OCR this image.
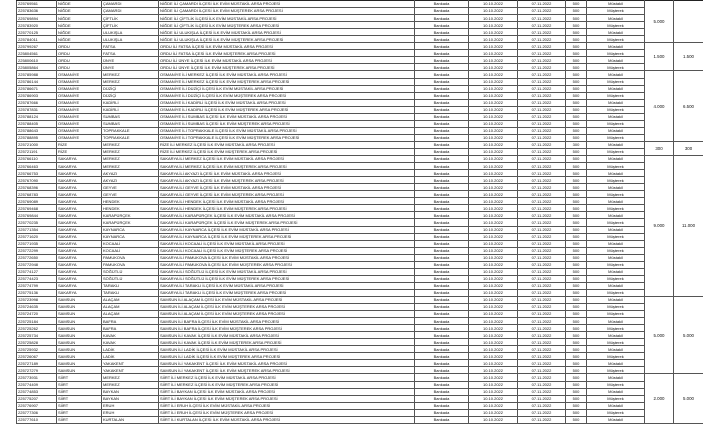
225769561	NİĞDE	ÇAMARDI	NİĞDE İLİ ÇAMARDI İLÇESİ İLK EVİM MÜSTAKİL ARSA PROJESİ	Bankada	10.10.2022	07.11.2022	500	Müstakil	5.000	
225783636	NİĞDE	ÇAMARDI	NİĞDE İLİ ÇAMARDI İLÇESİ İLK EVİM MÜŞTEREK ARSA PROJESİ	Bankada	10.10.2022	07.11.2022	500	Müşterek		
225769894	NİĞDE	ÇİFTLİK	NİĞDE İLİ ÇİFTLİK İLÇESİ İLK EVİM MÜSTAKİL ARSA PROJESİ	Bankada	10.10.2022	07.11.2022	500	Müstakil		
225783920	NİĞDE	ÇİFTLİK	NİĞDE İLİ ÇİFTLİK İLÇESİ İLK EVİM MÜŞTEREK ARSA PROJESİ	Bankada	10.10.2022	07.11.2022	500	Müşterek		
225770125	NİĞDE	ULUKIŞLA	NİĞDE İLİ ULUKIŞLA İLÇESİ İLK EVİM MÜSTAKİL ARSA PROJESİ	Bankada	10.10.2022	07.11.2022	500	Müstakil		
225784011	NİĞDE	ULUKIŞLA	NİĞDE İLİ ULUKIŞLA İLÇESİ İLK EVİM MÜŞTEREK ARSA PROJESİ	Bankada	10.10.2022	07.11.2022	500	Müşterek		
225799267	ORDU	FATSA	ORDU İLİ FATSA İLÇESİ İLK EVİM MÜSTAKİL ARSA PROJESİ	Bankada	10.10.2022	07.11.2022	500	Müstakil	1.500	1.500
225804561	ORDU	FATSA	ORDU İLİ FATSA İLÇESİ İLK EVİM MÜŞTEREK ARSA PROJESİ	Bankada	10.10.2022	07.11.2022	500	Müşterek		
225800610	ORDU	ÜNYE	ORDU İLİ ÜNYE İLÇESİ İLK EVİM MÜSTAKİL ARSA PROJESİ	Bankada	10.10.2022	07.11.2022	500	Müstakil		
225805864	ORDU	ÜNYE	ORDU İLİ ÜNYE İLÇESİ İLK EVİM MÜŞTEREK ARSA PROJESİ	Bankada	10.10.2022	07.11.2022	500	Müşterek		
225785988	OSMANİYE	MERKEZ	OSMANİYE İLİ MERKEZ İLÇESİ İLK EVİM MÜSTAKİL ARSA PROJESİ	Bankada	10.10.2022	07.11.2022	500	Müstakil	4.000	6.500
225786144	OSMANİYE	MERKEZ	OSMANİYE İLİ MERKEZ İLÇESİ İLK EVİM MÜŞTEREK ARSA PROJESİ	Bankada	10.10.2022	07.11.2022	500	Müşterek		
225786671	OSMANİYE	DÜZİÇİ	OSMANİYE İLİ DÜZİÇİ İLÇESİ İLK EVİM MÜSTAKİL ARSA PROJESİ	Bankada	10.10.2022	07.11.2022	500	Müstakil		
225786903	OSMANİYE	DÜZİÇİ	OSMANİYE İLİ DÜZİÇİ İLÇESİ İLK EVİM MÜŞTEREK ARSA PROJESİ	Bankada	10.10.2022	07.11.2022	500	Müşterek		
225787666	OSMANİYE	KADİRLİ	OSMANİYE İLİ KADİRLİ İLÇESİ İLK EVİM MÜSTAKİL ARSA PROJESİ	Bankada	10.10.2022	07.11.2022	500	Müstakil		
225787831	OSMANİYE	KADİRLİ	OSMANİYE İLİ KADİRLİ İLÇESİ İLK EVİM MÜŞTEREK ARSA PROJESİ	Bankada	10.10.2022	07.11.2022	500	Müşterek		
225788124	OSMANİYE	SUMBAS	OSMANİYE İLİ SUMBAS İLÇESİ İLK EVİM MÜSTAKİL ARSA PROJESİ	Bankada	10.10.2022	07.11.2022	500	Müstakil		
225788405	OSMANİYE	SUMBAS	OSMANİYE İLİ SUMBAS İLÇESİ İLK EVİM MÜŞTEREK ARSA PROJESİ	Bankada	10.10.2022	07.11.2022	500	Müşterek		
225788643	OSMANİYE	TOPRAKKALE	OSMANİYE İLİ TOPRAKKALE İLÇESİ İLK EVİM MÜSTAKİL ARSA PROJESİ	Bankada	10.10.2022	07.11.2022	500	Müstakil		
225788895	OSMANİYE	TOPRAKKALE	OSMANİYE İLİ TOPRAKKALE İLÇESİ İLK EVİM MÜŞTEREK ARSA PROJESİ	Bankada	10.10.2022	07.11.2022	500	Müşterek		
225721000	RİZE	MERKEZ	RİZE İLİ MERKEZ İLÇESİ İLK EVİM MÜSTAKİL ARSA PROJESİ	Bankada	10.10.2022	07.11.2022	300	Müstakil	300	300
225721191	RİZE	MERKEZ	RİZE İLİ MERKEZ İLÇESİ İLK EVİM MÜŞTEREK ARSA PROJESİ	Bankada	10.10.2022	07.11.2022	500	Müşterek		
225766110	SAKARYA	MERKEZ	SAKARYA İLİ MERKEZ İLÇESİ İLK EVİM MÜSTAKİL ARSA PROJESİ	Bankada	10.10.2022	07.11.2022	500	Müstakil	9.000	11.000
225766463	SAKARYA	MERKEZ	SAKARYA İLİ MERKEZ İLÇESİ İLK EVİM MÜŞTEREK ARSA PROJESİ	Bankada	10.10.2022	07.11.2022	500	Müşterek		
225766753	SAKARYA	AKYAZI	SAKARYA İLİ AKYAZI İLÇESİ İLK EVİM MÜSTAKİL ARSA PROJESİ	Bankada	10.10.2022	07.11.2022	500	Müstakil		
225767090	SAKARYA	AKYAZI	SAKARYA İLİ AKYAZI İLÇESİ İLK EVİM MÜŞTEREK ARSA PROJESİ	Bankada	10.10.2022	07.11.2022	500	Müşterek		
225768396	SAKARYA	GEYVE	SAKARYA İLİ GEYVE İLÇESİ İLK EVİM MÜSTAKİL ARSA PROJESİ	Bankada	10.10.2022	07.11.2022	500	Müstakil		
225768783	SAKARYA	GEYVE	SAKARYA İLİ GEYVE İLÇESİ İLK EVİM MÜŞTEREK ARSA PROJESİ	Bankada	10.10.2022	07.11.2022	500	Müşterek		
225769089	SAKARYA	HENDEK	SAKARYA İLİ HENDEK İLÇESİ İLK EVİM MÜSTAKİL ARSA PROJESİ	Bankada	10.10.2022	07.11.2022	500	Müstakil		
225769468	SAKARYA	HENDEK	SAKARYA İLİ HENDEK İLÇESİ İLK EVİM MÜŞTEREK ARSA PROJESİ	Bankada	10.10.2022	07.11.2022	500	Müşterek		
225769844	SAKARYA	KARAPÜRÇEK	SAKARYA İLİ KARAPÜRÇEK İLÇESİ İLK EVİM MÜSTAKİL ARSA PROJESİ	Bankada	10.10.2022	07.11.2022	500	Müstakil		
225770235	SAKARYA	KARAPÜRÇEK	SAKARYA İLİ KARAPÜRÇEK İLÇESİ İLK EVİM MÜŞTEREK ARSA PROJESİ	Bankada	10.10.2022	07.11.2022	500	Müşterek		
225771354	SAKARYA	KAYNARCA	SAKARYA İLİ KAYNARCA İLÇESİ İLK EVİM MÜSTAKİL ARSA PROJESİ	Bankada	10.10.2022	07.11.2022	500	Müstakil		
225771620	SAKARYA	KAYNARCA	SAKARYA İLİ KAYNARCA İLÇESİ İLK EVİM MÜŞTEREK ARSA PROJESİ	Bankada	10.10.2022	07.11.2022	500	Müşterek		
225771935	SAKARYA	KOCAALİ	SAKARYA İLİ KOCAALİ İLÇESİ İLK EVİM MÜSTAKİL ARSA PROJESİ	Bankada	10.10.2022	07.11.2022	500	Müstakil		
225772299	SAKARYA	KOCAALİ	SAKARYA İLİ KOCAALİ İLÇESİ İLK EVİM MÜŞTEREK ARSA PROJESİ	Bankada	10.10.2022	07.11.2022	500	Müşterek		
225772650	SAKARYA	PAMUKOVA	SAKARYA İLİ PAMUKOVA İLÇESİ İLK EVİM MÜSTAKİL ARSA PROJESİ	Bankada	10.10.2022	07.11.2022	500	Müstakil		
225772948	SAKARYA	PAMUKOVA	SAKARYA İLİ PAMUKOVA İLÇESİ İLK EVİM MÜŞTEREK ARSA PROJESİ	Bankada	10.10.2022	07.11.2022	500	Müşterek		
225774127	SAKARYA	SÖĞÜTLÜ	SAKARYA İLİ SÖĞÜTLÜ İLÇESİ İLK EVİM MÜSTAKİL ARSA PROJESİ	Bankada	10.10.2022	07.11.2022	500	Müstakil		
225774423	SAKARYA	SÖĞÜTLÜ	SAKARYA İLİ SÖĞÜTLÜ İLÇESİ İLK EVİM MÜŞTEREK ARSA PROJESİ	Bankada	10.10.2022	07.11.2022	500	Müşterek		
225774799	SAKARYA	TARAKLI	SAKARYA İLİ TARAKLI İLÇESİ İLK EVİM MÜSTAKİL ARSA PROJESİ	Bankada	10.10.2022	07.11.2022	500	Müstakil		
225775136	SAKARYA	TARAKLI	SAKARYA İLİ TARAKLI İLÇESİ İLK EVİM MÜŞTEREK ARSA PROJESİ	Bankada	10.10.2022	07.11.2022	500	Müşterek		
225723998	SAMSUN	ALAÇAM	SAMSUN İLİ ALAÇAM İLÇESİ İLK EVİM MÜSTAKİL ARSA PROJESİ	Bankada	10.10.2022	07.11.2022	500	Müstakil	5.000	5.000
225724635	SAMSUN	ALAÇAM	SAMSUN İLİ ALAÇAM İLÇESİ İLK EVİM MÜŞTEREK ARSA PROJESİ	Bankada	10.10.2022	07.11.2022	500	Müşterek		
225724720	SAMSUN	ALAÇAM	SAMSUN İLİ ALAÇAM İLÇESİ İLK EVİM MÜŞTEREK ARSA PROJESİ	Bankada	10.10.2022	07.11.2022	500	Müşterek		
225725184	SAMSUN	BAFRA	SAMSUN İLİ BAFRA İLÇESİ İLK EVİM MÜSTAKİL ARSA PROJESİ	Bankada	10.10.2022	07.11.2022	500	Müstakil		
225725262	SAMSUN	BAFRA	SAMSUN İLİ BAFRA İLÇESİ İLK EVİM MÜŞTEREK ARSA PROJESİ	Bankada	10.10.2022	07.11.2022	500	Müşterek		
225725734	SAMSUN	KAVAK	SAMSUN İLİ KAVAK İLÇESİ İLK EVİM MÜSTAKİL ARSA PROJESİ	Bankada	10.10.2022	07.11.2022	500	Müstakil		
225725828	SAMSUN	KAVAK	SAMSUN İLİ KAVAK İLÇESİ İLK EVİM MÜŞTEREK ARSA PROJESİ	Bankada	10.10.2022	07.11.2022	500	Müşterek		
225725932	SAMSUN	LADİK	SAMSUN İLİ LADİK İLÇESİ İLK EVİM MÜSTAKİL ARSA PROJESİ	Bankada	10.10.2022	07.11.2022	500	Müstakil		
225726067	SAMSUN	LADİK	SAMSUN İLİ LADİK İLÇESİ İLK EVİM MÜŞTEREK ARSA PROJESİ	Bankada	10.10.2022	07.11.2022	500	Müşterek		
225727189	SAMSUN	YAKAKENT	SAMSUN İLİ YAKAKENT İLÇESİ İLK EVİM MÜSTAKİL ARSA PROJESİ	Bankada	10.10.2022	07.11.2022	500	Müstakil		
225727279	SAMSUN	YAKAKENT	SAMSUN İLİ YAKAKENT İLÇESİ İLK EVİM MÜŞTEREK ARSA PROJESİ	Bankada	10.10.2022	07.11.2022	500	Müşterek		
225773931	SİİRT	MERKEZ	SİİRT İLİ MERKEZ İLÇESİ İLK EVİM MÜSTAKİL ARSA PROJESİ	Bankada	10.10.2022	07.11.2022	500	Müstakil	2.000	5.000
225774409	SİİRT	MERKEZ	SİİRT İLİ MERKEZ İLÇESİ İLK EVİM MÜŞTEREK ARSA PROJESİ	Bankada	10.10.2022	07.11.2022	500	Müşterek		
225774853	SİİRT	BAYKAN	SİİRT İLİ BAYKAN İLÇESİ İLK EVİM MÜSTAKİL ARSA PROJESİ	Bankada	10.10.2022	07.11.2022	500	Müstakil		
225775207	SİİRT	BAYKAN	SİİRT İLİ BAYKAN İLÇESİ İLK EVİM MÜŞTEREK ARSA PROJESİ	Bankada	10.10.2022	07.11.2022	500	Müşterek		
225776907	SİİRT	ERUH	SİİRT İLİ ERUH İLÇESİ İLK EVİM MÜSTAKİL ARSA PROJESİ	Bankada	10.10.2022	07.11.2022	500	Müstakil		
225777306	SİİRT	ERUH	SİİRT İLİ ERUH İLÇESİ İLK EVİM MÜŞTEREK ARSA PROJESİ	Bankada	10.10.2022	07.11.2022	500	Müşterek		
225777610	SİİRT	KURTALAN	SİİRT İLİ KURTALAN İLÇESİ İLK EVİM MÜSTAKİL ARSA PROJESİ	Bankada	10.10.2022	07.11.2022	500	Müstakil		
